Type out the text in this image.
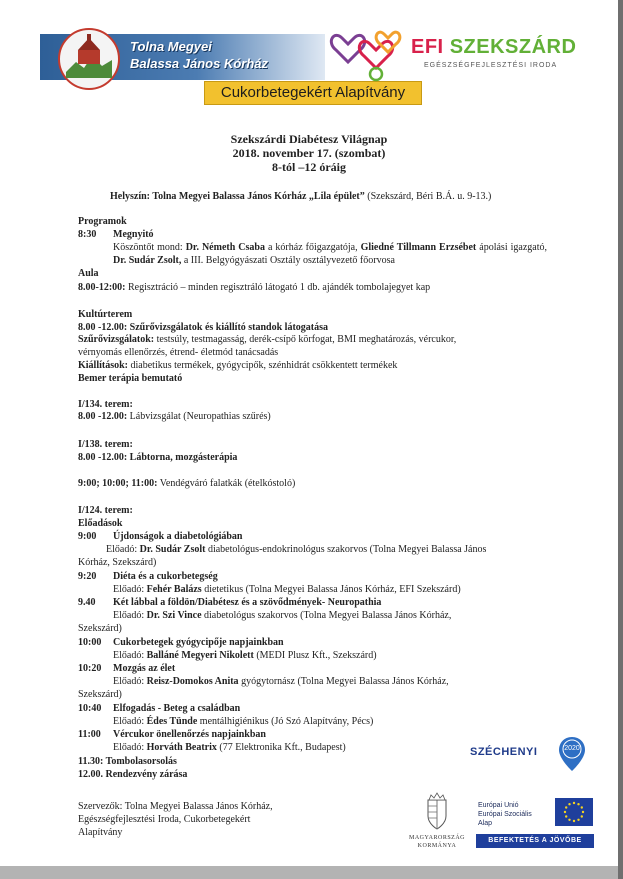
Tolna Megyei
Balassa János Kórház
Cukorbetegekért Alapítvány
EFI SZEKSZÁRD
EGÉSZSÉGFEJLESZTÉSI IRODA
Szekszárdi Diabétesz Világnap
2018. november 17. (szombat)
8-tól –12 óráig
Helyszín: Tolna Megyei Balassa János Kórház „Lila épület” (Szekszárd, Béri B.Á. u. 9-13.)
Programok
8:30 Megnyitó
Köszöntőt mond: Dr. Németh Csaba a kórház főigazgatója, Gliedné Tillmann Erzsébet ápolási igazgató, Dr. Sudár Zsolt, a III. Belgyógyászati Osztály osztályvezető főorvosa
Aula
8.00-12:00: Regisztráció – minden regisztráló látogató 1 db. ajándék tombolajegyet kap
Kultúrterem
8.00 -12.00: Szűrővizsgálatok és kiállító standok látogatása
Szűrővizsgálatok: testsúly, testmagasság, derék-csípő körfogat, BMI meghatározás, vércukor,
vérnyomás ellenőrzés, étrend- életmód tanácsadás
Kiállítások: diabetikus termékek, gyógycipők, szénhidrát csökkentett termékek
Bemer terápia bemutató
I/134. terem:
8.00 -12.00: Lábvizsgálat (Neuropathias szűrés)
I/138. terem:
8.00 -12.00: Lábtorna, mozgásterápia
9:00; 10:00; 11:00: Vendégváró falatkák (ételkóstoló)
I/124. terem:
Előadások
9:00 Újdonságok a diabetológiában
Előadó: Dr. Sudár Zsolt diabetológus-endokrinológus szakorvos (Tolna Megyei Balassa János
Kórház, Szekszárd)
9:20 Diéta és a cukorbetegség
Előadó: Fehér Balázs dietetikus (Tolna Megyei Balassa János Kórház, EFI Szekszárd)
9.40 Két lábbal a földön/Diabétesz és a szövődmények- Neuropathia
Előadó: Dr. Szi Vince diabetológus szakorvos (Tolna Megyei Balassa János Kórház,
Szekszárd)
10:00 Cukorbetegek gyógycipője napjainkban
Előadó: Balláné Megyeri Nikolett (MEDI Plusz Kft., Szekszárd)
10:20 Mozgás az élet
Előadó: Reisz-Domokos Anita gyógytornász (Tolna Megyei Balassa János Kórház,
Szekszárd)
10:40 Elfogadás - Beteg a családban
Előadó: Édes Tünde mentálhigiénikus (Jó Szó Alapítvány, Pécs)
11:00 Vércukor önellenőrzés napjainkban
Előadó: Horváth Beatrix (77 Elektronika Kft., Budapest)
11.30: Tombolasorsolás
12.00. Rendezvény zárása
Szervezők: Tolna Megyei Balassa János Kórház,
Egészségfejlesztési Iroda, Cukorbetegekért
Alapítvány
SZÉCHENYI	2020
MAGYARORSZÁG
KORMÁNYA
Európai Unió
Európai Szociális
Alap
BEFEKTETÉS A JÖVŐBE
